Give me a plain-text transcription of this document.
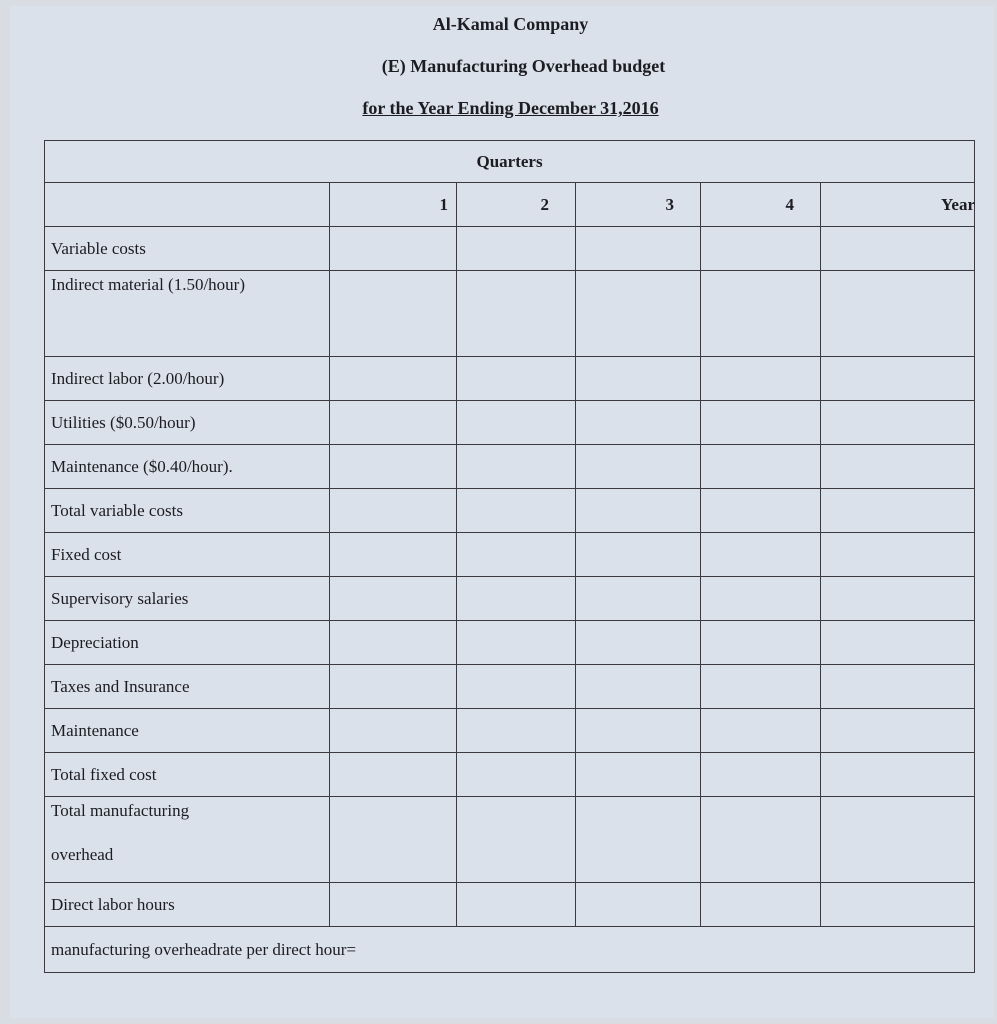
Al-Kamal Company
(E) Manufacturing Overhead budget
for the Year Ending December 31,2016
Quarters					
	1	2	3	4	Year
Variable costs					
Indirect material (1.50/hour)					
Indirect labor (2.00/hour)					
Utilities ($0.50/hour)					
Maintenance ($0.40/hour).					
Total variable costs					
Fixed cost					
Supervisory salaries					
Depreciation					
Taxes and Insurance					
Maintenance					
Total fixed cost					

Total manufacturing
overhead					

Direct labor hours					
manufacturing overheadrate per direct hour=					
